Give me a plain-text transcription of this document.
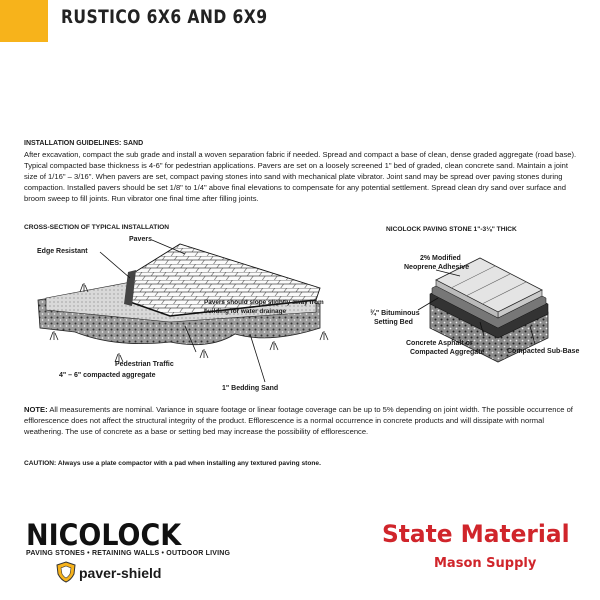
RUSTICO 6X6 AND 6X9
INSTALLATION GUIDELINES: SAND
After excavation, compact the sub grade and install a woven separation fabric if needed. Spread and compact a base of clean, dense graded aggregate (road base). Typical compacted base thickness is 4-6" for pedestrian applications. Pavers are set on a loosely screened 1" bed of graded, clean concrete sand. Maintain a joint size of 1/16" – 3/16". When pavers are set, compact paving stones into sand with mechanical plate vibrator. Joint sand may be spread over paving stones during compaction. Installed pavers should be set 1/8" to 1/4" above final elevations to compensate for any potential settlement. Spread clean dry sand over surface and broom sweep to fill joints. Run vibrator one final time after filling joints.
CROSS-SECTION OF TYPICAL INSTALLATION	NICOLOCK PAVING STONE 1"-3⅛" THICK
Pavers
Edge Resistant
Pavers should slope slightly away from building for water drainage
Pedestrian Traffic
4" – 6" compacted aggregate
1" Bedding Sand
2% Modified
Neoprene Adhesive
¾" Bituminous
Setting Bed
Concrete Asphalt or
Compacted Aggregate	Compacted Sub-Base
NOTE: All measurements are nominal. Variance in square footage or linear footage coverage can be up to 5% depending on joint width. The possible occurrence of efflorescence does not affect the structural integrity of the product. Efflorescence is a normal occurrence in concrete products and will dissipate with normal weathering. The use of concrete as a base or setting bed may increase the possibility of efflorescence.
CAUTION: Always use a plate compactor with a pad when installing any textured paving stone.
NICOLOCK
PAVING STONES • RETAINING WALLS • OUTDOOR LIVING
paver-shield
State Material
Mason Supply
